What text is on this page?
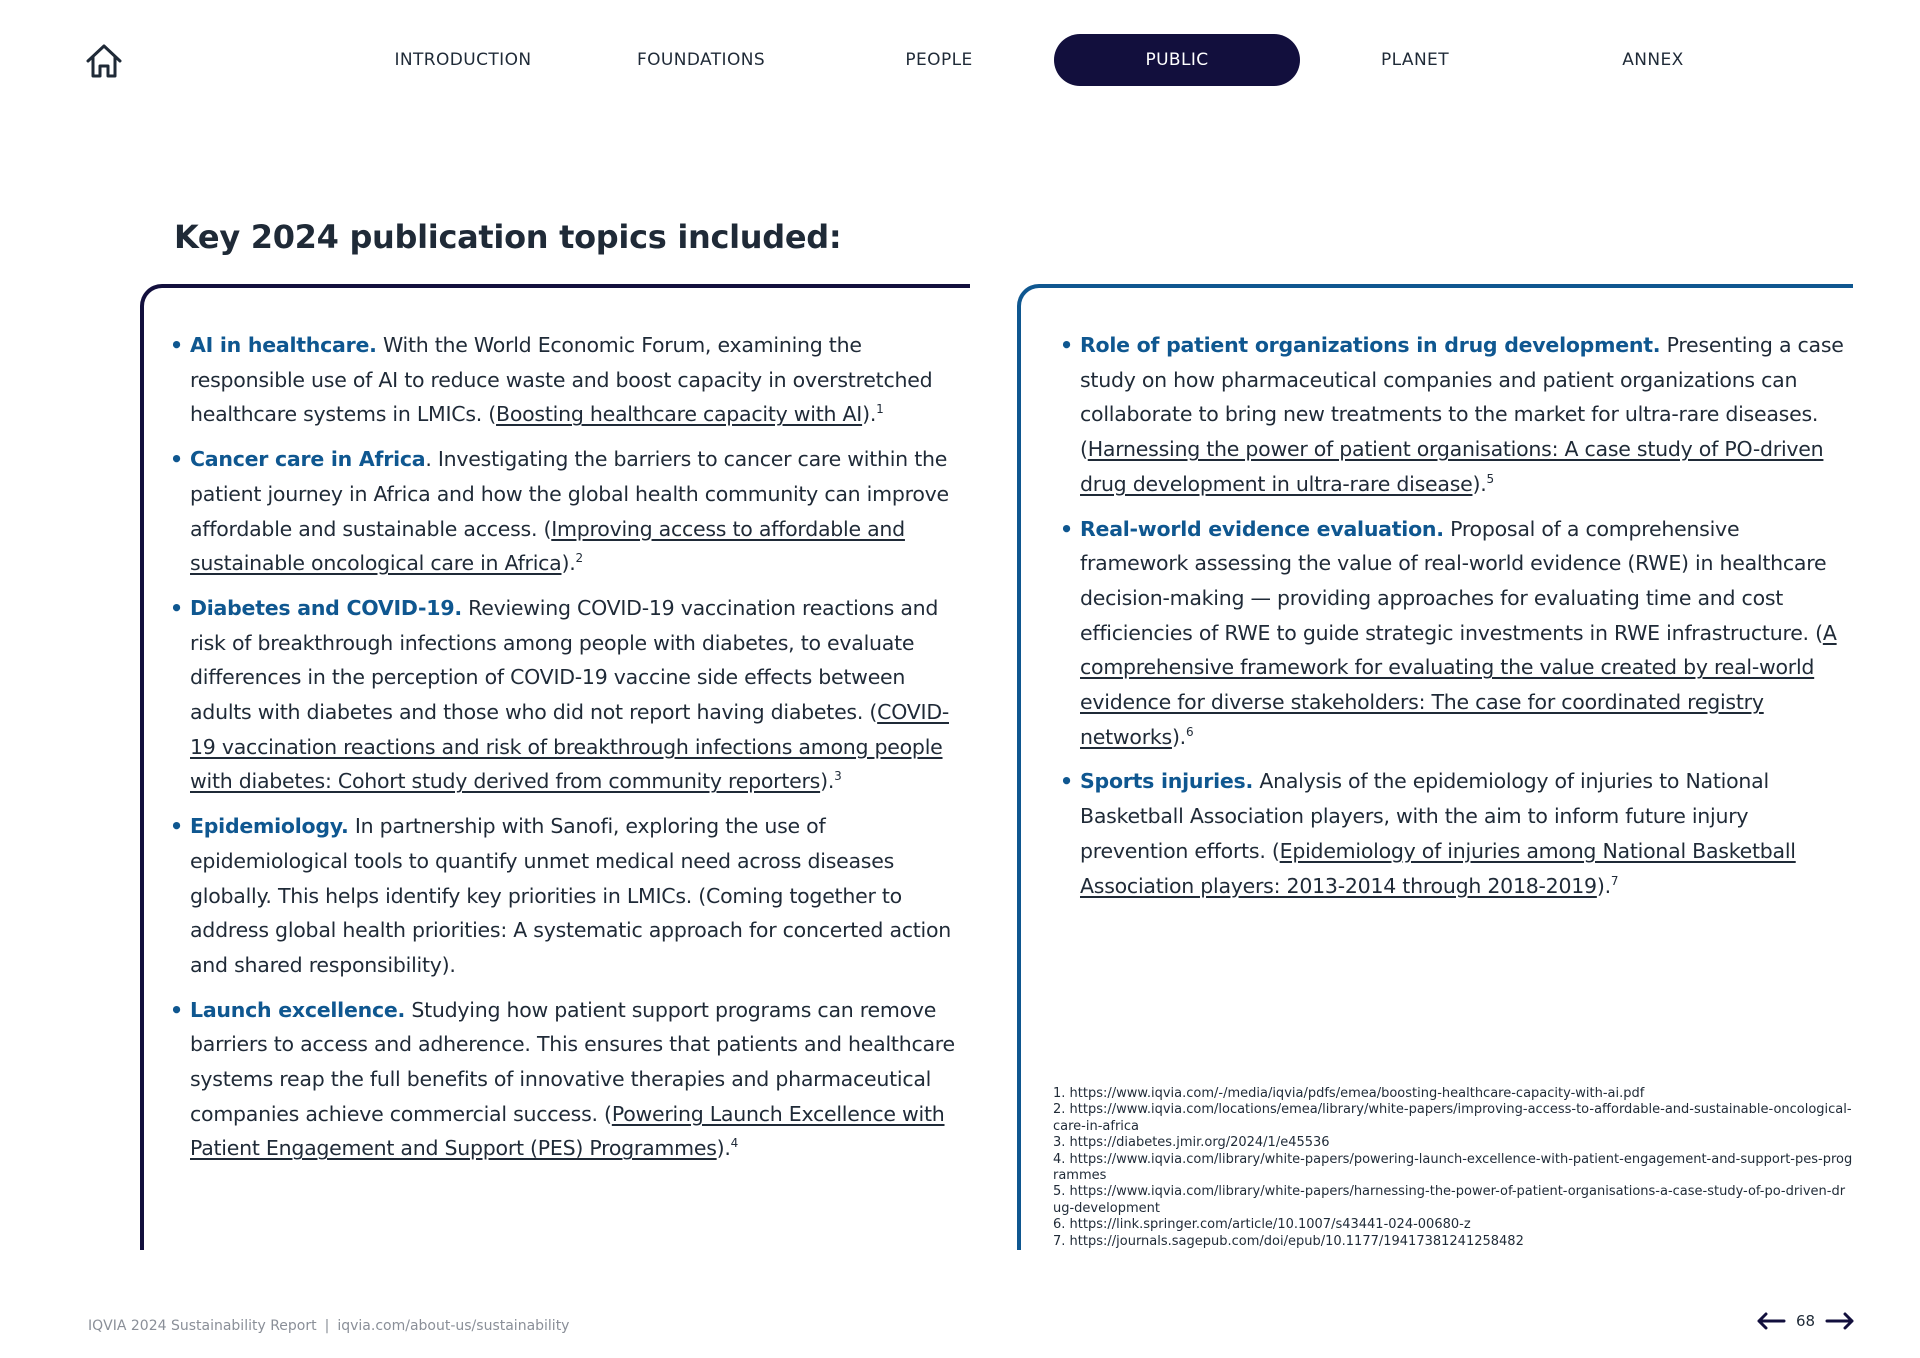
INTRODUCTION	FOUNDATIONS	PEOPLE	PUBLIC	PLANET	ANNEX
Key 2024 publication topics included:
• AI in healthcare. With the World Economic Forum, examining the responsible use of AI to reduce waste and boost capacity in overstretched healthcare systems in LMICs. (Boosting healthcare capacity with AI).$^1$
• Cancer care in Africa. Investigating the barriers to cancer care within the patient journey in Africa and how the global health community can improve affordable and sustainable access. (Improving access to affordable and sustainable oncological care in Africa).$^2$
• Diabetes and COVID-19. Reviewing COVID-19 vaccination reactions and risk of breakthrough infections among people with diabetes, to evaluate differences in the perception of COVID-19 vaccine side effects between adults with diabetes and those who did not report having diabetes. (COVID-19 vaccination reactions and risk of breakthrough infections among people with diabetes: Cohort study derived from community reporters).$^3$
• Epidemiology. In partnership with Sanofi, exploring the use of epidemiological tools to quantify unmet medical need across diseases globally. This helps identify key priorities in LMICs. (Coming together to address global health priorities: A systematic approach for concerted action and shared responsibility).
• Launch excellence. Studying how patient support programs can remove barriers to access and adherence. This ensures that patients and healthcare systems reap the full benefits of innovative therapies and pharmaceutical companies achieve commercial success. (Powering Launch Excellence with Patient Engagement and Support (PES) Programmes).$^4$
• Role of patient organizations in drug development. Presenting a case study on how pharmaceutical companies and patient organizations can collaborate to bring new treatments to the market for ultra-rare diseases. (Harnessing the power of patient organisations: A case study of PO-driven drug development in ultra-rare disease).$^5$
• Real-world evidence evaluation. Proposal of a comprehensive framework assessing the value of real-world evidence (RWE) in healthcare decision-making — providing approaches for evaluating time and cost efficiencies of RWE to guide strategic investments in RWE infrastructure. (A comprehensive framework for evaluating the value created by real-world evidence for diverse stakeholders: The case for coordinated registry networks).$^6$
• Sports injuries. Analysis of the epidemiology of injuries to National Basketball Association players, with the aim to inform future injury prevention efforts. (Epidemiology of injuries among National Basketball Association players: 2013-2014 through 2018-2019).$^7$
1. https://www.iqvia.com/-/media/iqvia/pdfs/emea/boosting-healthcare-capacity-with-ai.pdf
2. https://www.iqvia.com/locations/emea/library/white-papers/improving-access-to-affordable-and-sustainable-oncological-care-in-africa
3. https://diabetes.jmir.org/2024/1/e45536
4. https://www.iqvia.com/library/white-papers/powering-launch-excellence-with-patient-engagement-and-support-pes-programmes
5. https://www.iqvia.com/library/white-papers/harnessing-the-power-of-patient-organisations-a-case-study-of-po-driven-drug-development
6. https://link.springer.com/article/10.1007/s43441-024-00680-z
7. https://journals.sagepub.com/doi/epub/10.1177/19417381241258482
IQVIA 2024 Sustainability Report | iqvia.com/about-us/sustainability	68
